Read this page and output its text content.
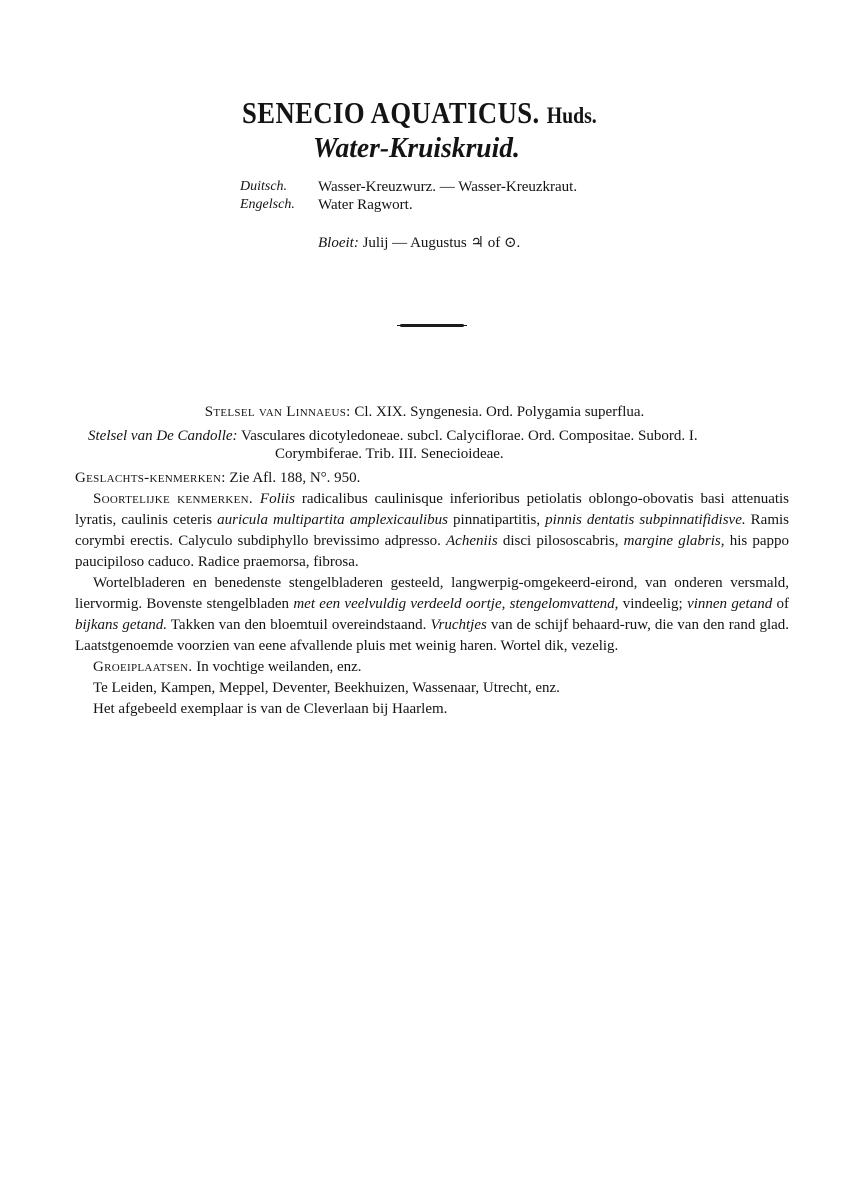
SENECIO AQUATICUS. Huds.
Water-Kruiskruid.
Duitsch.	Wasser-Kreuzwurz. — Wasser-Kreuzkraut.
Engelsch.	Water Ragwort.
Bloeit: Julij — Augustus ♃ of ⊙.
Stelsel van Linnaeus: Cl. XIX. Syngenesia. Ord. Polygamia superflua.
Stelsel van De Candolle: Vasculares dicotyledoneae. subcl. Calyciflorae. Ord. Compositae. Subord. I.
Corymbiferae. Trib. III. Senecioideae.

Geslachts-kenmerken: Zie Afl. 188, N°. 950.

Soortelijke kenmerken. Foliis radicalibus caulinisque inferioribus petiolatis oblongo-obovatis basi attenuatis lyratis, caulinis ceteris auricula multipartita amplexicaulibus pinnatipartitis, pinnis dentatis subpinnatifidisve. Ramis corymbi erectis. Calyculo subdiphyllo brevissimo adpresso. Acheniis disci pilososcabris, margine glabris, his pappo paucipiloso caduco. Radice praemorsa, fibrosa.

Wortelbladeren en benedenste stengelbladeren gesteeld, langwerpig-omgekeerd-eirond, van onderen versmald, liervormig. Bovenste stengelbladen met een veelvuldig verdeeld oortje, stengelomvattend, vindeelig; vinnen getand of bijkans getand. Takken van den bloemtuil overeindstaand. Vruchtjes van de schijf behaard-ruw, die van den rand glad. Laatstgenoemde voorzien van eene afvallende pluis met weinig haren. Wortel dik, vezelig.

Groeiplaatsen. In vochtige weilanden, enz.

Te Leiden, Kampen, Meppel, Deventer, Beekhuizen, Wassenaar, Utrecht, enz.

Het afgebeeld exemplaar is van de Cleverlaan bij Haarlem.
